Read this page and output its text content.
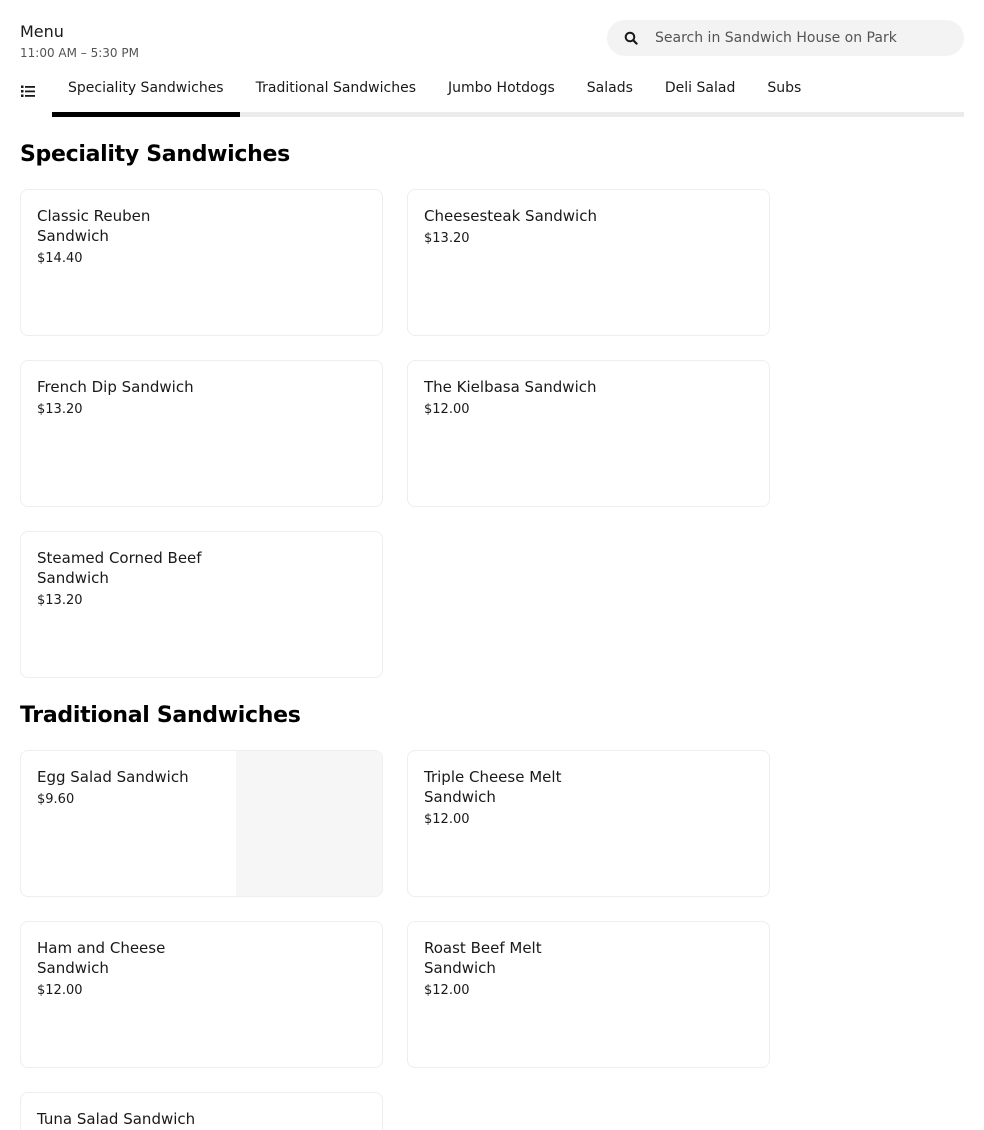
Menu
11:00 AM – 5:30 PM
Search in Sandwich House on Park
Speciality Sandwiches	Traditional Sandwiches	Jumbo Hotdogs	Salads	Deli Salad	Subs
Speciality Sandwiches
Classic Reuben Sandwich
$14.40
Cheesesteak Sandwich
$13.20
French Dip Sandwich
$13.20
The Kielbasa Sandwich
$12.00
Steamed Corned Beef Sandwich
$13.20
Traditional Sandwiches
Egg Salad Sandwich
$9.60
Triple Cheese Melt Sandwich
$12.00
Ham and Cheese Sandwich
$12.00
Roast Beef Melt Sandwich
$12.00
Tuna Salad Sandwich
